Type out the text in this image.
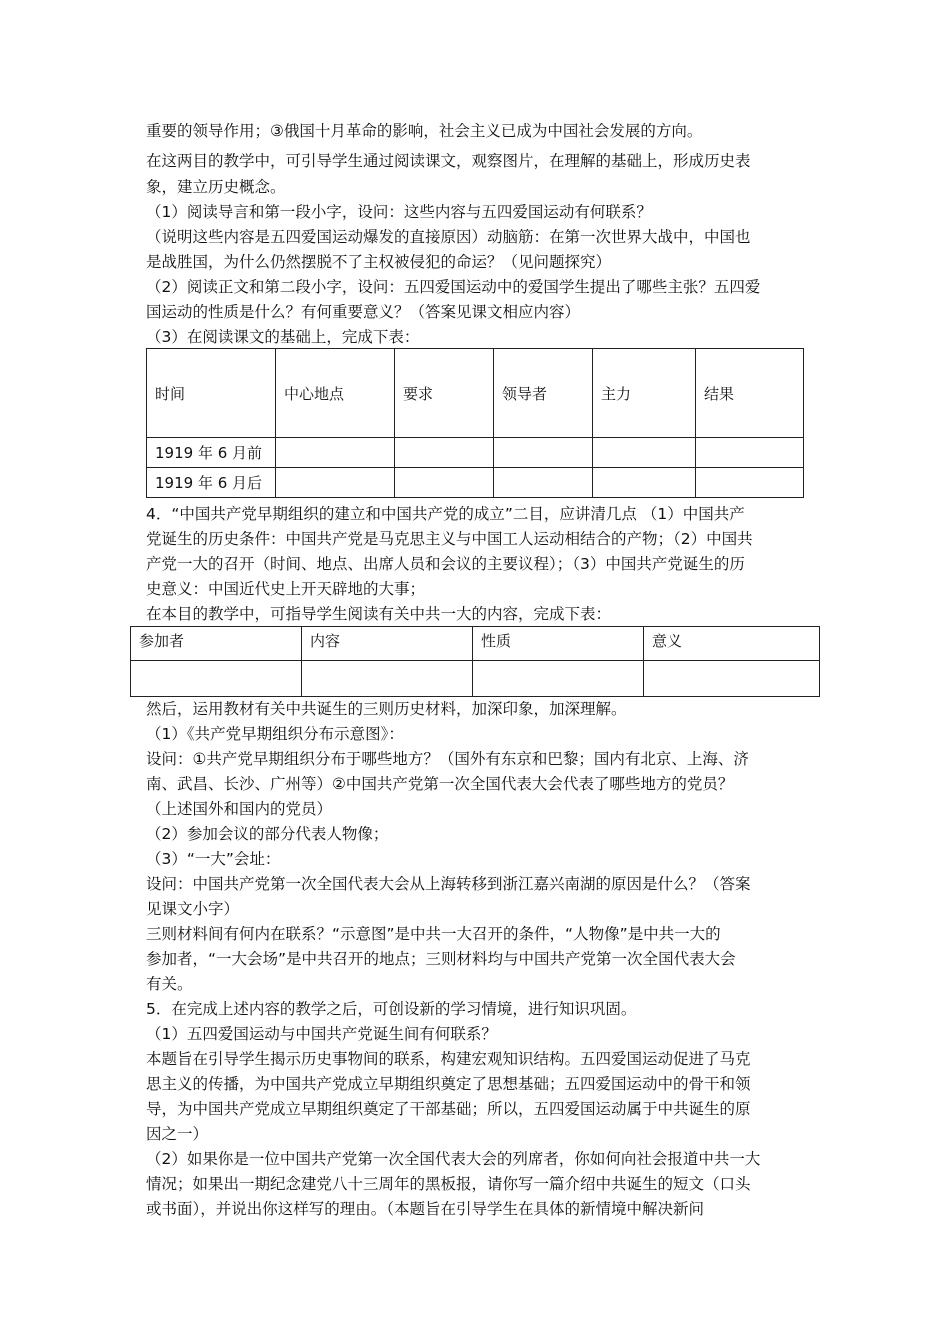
重要的领导作用；③俄国十月革命的影响，社会主义已成为中国社会发展的方向。

在这两目的教学中，可引导学生通过阅读课文，观察图片，在理解的基础上，形成历史表

象，建立历史概念。

（1）阅读导言和第一段小字，设问：这些内容与五四爱国运动有何联系？

（说明这些内容是五四爱国运动爆发的直接原因）动脑筋：在第一次世界大战中，中国也

是战胜国，为什么仍然摆脱不了主权被侵犯的命运？（见问题探究）

（2）阅读正文和第二段小字，设问：五四爱国运动中的爱国学生提出了哪些主张？五四爱

国运动的性质是什么？有何重要意义？（答案见课文相应内容）

（3）在阅读课文的基础上，完成下表：

时间	中心地点	要求	领导者	主力	结果
1919 年 6 月前					
1919 年 6 月后					

4．“中国共产党早期组织的建立和中国共产党的成立”二目，应讲清几点 （1）中国共产

党诞生的历史条件：中国共产党是马克思主义与中国工人运动相结合的产物；（2）中国共

产党一大的召开（时间、地点、出席人员和会议的主要议程）；（3）中国共产党诞生的历

史意义：中国近代史上开天辟地的大事；

在本目的教学中，可指导学生阅读有关中共一大的内容，完成下表：

参加者	内容	性质	意义

然后，运用教材有关中共诞生的三则历史材料，加深印象，加深理解。

（1）《共产党早期组织分布示意图》：

设问：①共产党早期组织分布于哪些地方？（国外有东京和巴黎；国内有北京、上海、济

南、武昌、长沙、广州等）②中国共产党第一次全国代表大会代表了哪些地方的党员？

（上述国外和国内的党员）

（2）参加会议的部分代表人物像；

（3）“一大”会址：

设问：中国共产党第一次全国代表大会从上海转移到浙江嘉兴南湖的原因是什么？（答案

见课文小字）

三则材料间有何内在联系？“示意图”是中共一大召开的条件，“人物像”是中共一大的

参加者，“一大会场”是中共召开的地点；三则材料均与中国共产党第一次全国代表大会

有关。

5．在完成上述内容的教学之后，可创设新的学习情境，进行知识巩固。

（1）五四爱国运动与中国共产党诞生间有何联系？

本题旨在引导学生揭示历史事物间的联系，构建宏观知识结构。五四爱国运动促进了马克

思主义的传播，为中国共产党成立早期组织奠定了思想基础；五四爱国运动中的骨干和领

导，为中国共产党成立早期组织奠定了干部基础；所以，五四爱国运动属于中共诞生的原

因之一）

（2）如果你是一位中国共产党第一次全国代表大会的列席者，你如何向社会报道中共一大

情况；如果出一期纪念建党八十三周年的黑板报，请你写一篇介绍中共诞生的短文（口头

或书面），并说出你这样写的理由。（本题旨在引导学生在具体的新情境中解决新问
